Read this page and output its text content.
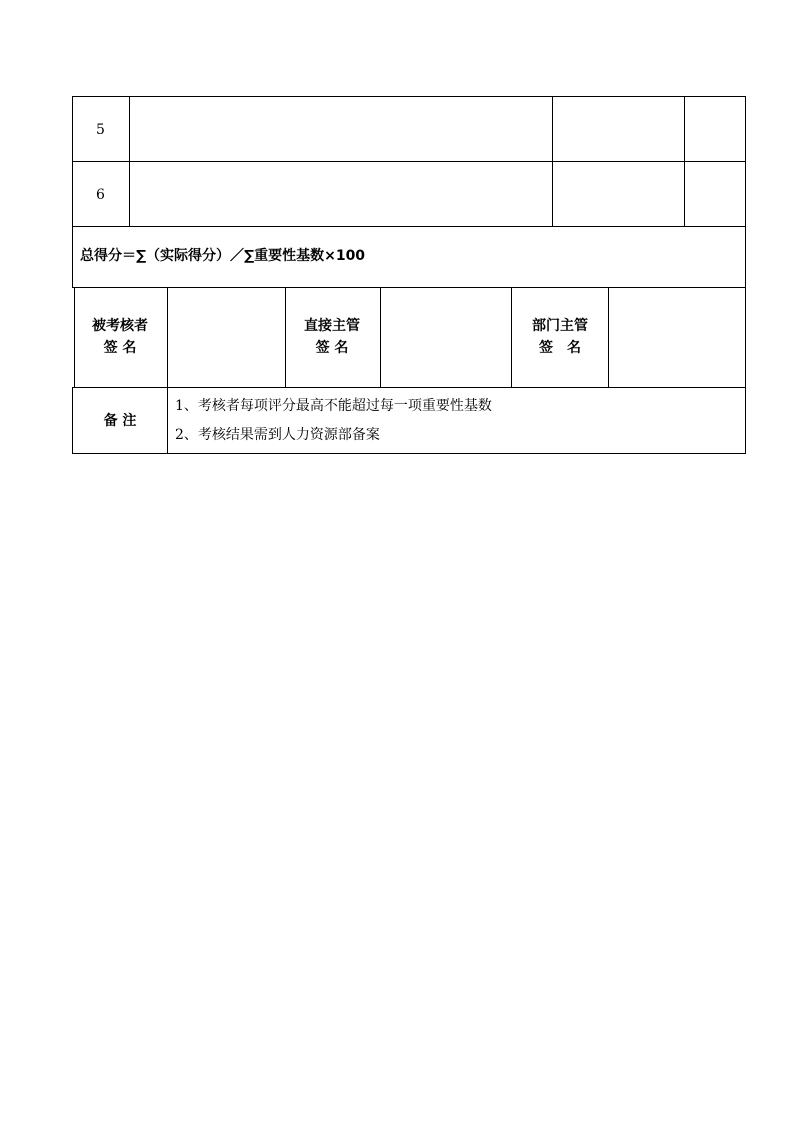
5
6
总得分＝∑（实际得分）／∑重要性基数×100
被考核者
签 名
直接主管
签 名
部门主管
签　名
备 注
1、考核者每项评分最高不能超过每一项重要性基数
2、考核结果需到人力资源部备案
